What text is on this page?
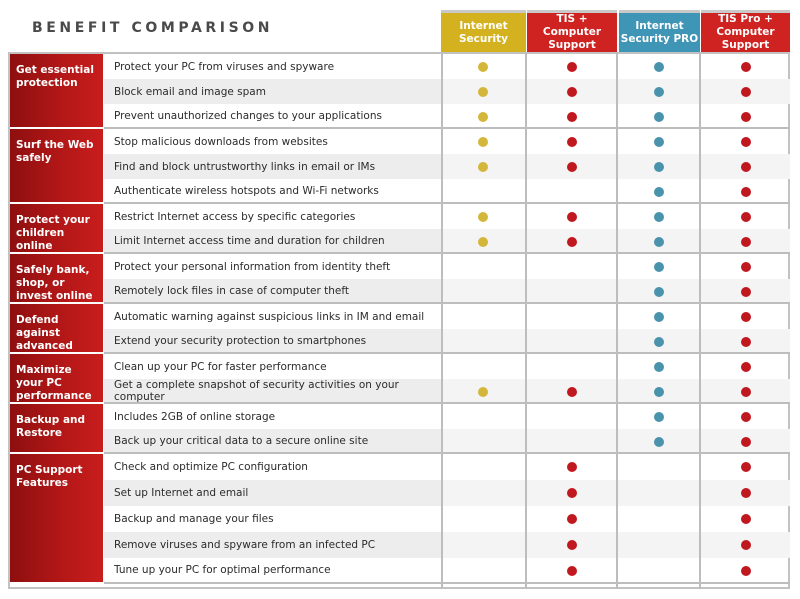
BENEFIT COMPARISON	Internet Security
TIS + Computer Support
Internet Security PRO
TIS Pro + Computer Support
Get essential protection
Protect your PC from viruses and spyware
Block email and image spam
Prevent unauthorized changes to your applications
Surf the Web safely
Stop malicious downloads from websites
Find and block untrustworthy links in email or IMs
Authenticate wireless hotspots and Wi-Fi networks
Protect your children online
Restrict Internet access by specific categories
Limit Internet access time and duration for children
Safely bank, shop, or invest online
Protect your personal information from identity theft
Remotely lock files in case of computer theft
Defend against advanced
Automatic warning against suspicious links in IM and email
Extend your security protection to smartphones
Maximize your PC performance
Clean up your PC for faster performance
Get a complete snapshot of security activities on your computer
Backup and Restore
Includes 2GB of online storage
Back up your critical data to a secure online site
PC Support Features
Check and optimize PC configuration
Set up Internet and email
Backup and manage your files
Remove viruses and spyware from an infected PC
Tune up your PC for optimal performance
